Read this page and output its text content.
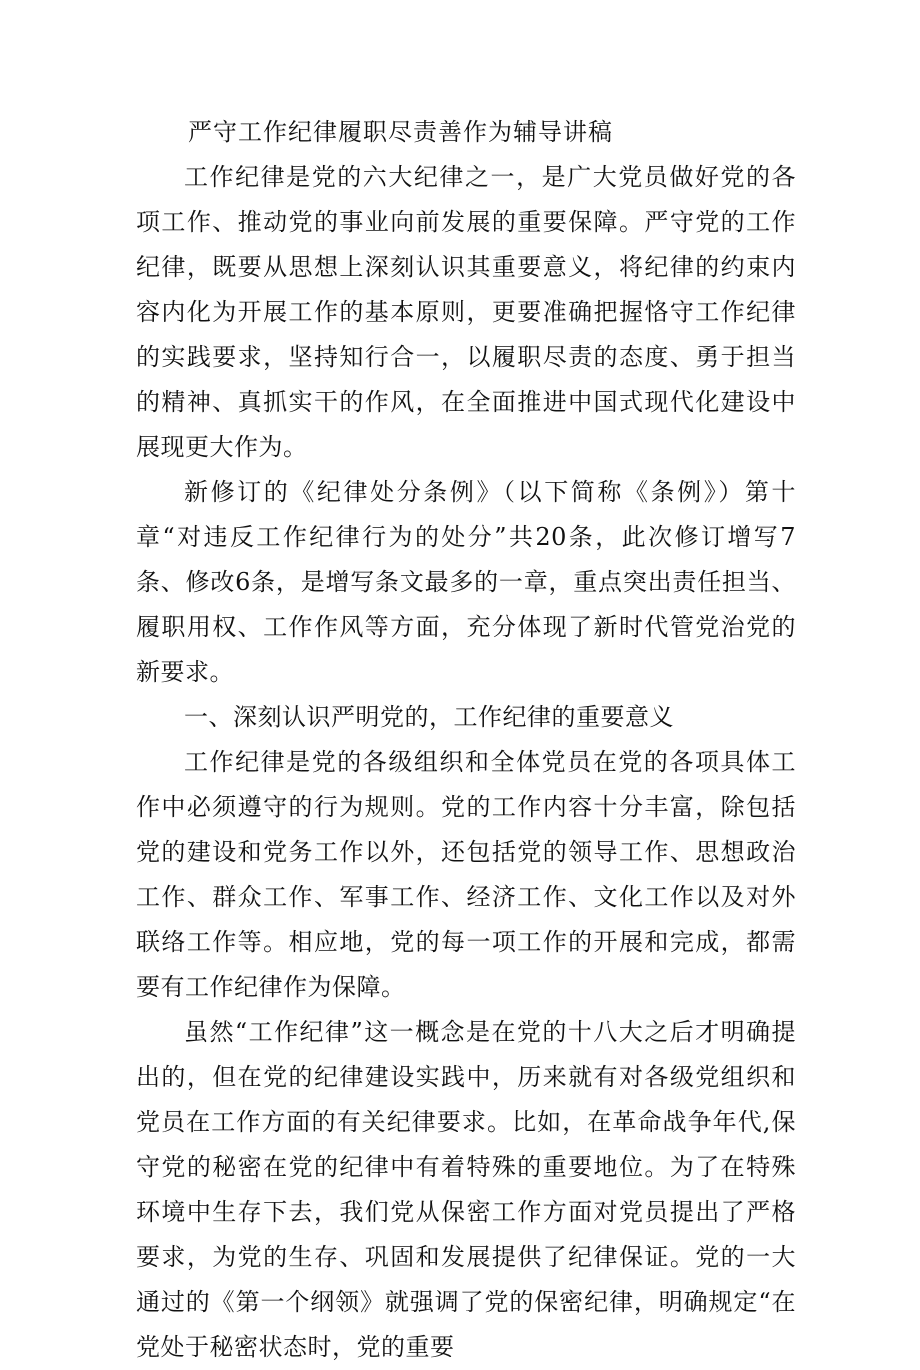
严守工作纪律履职尽责善作为辅导讲稿

工作纪律是党的六大纪律之一，是广大党员做好党的各项工作、推动党的事业向前发展的重要保障。严守党的工作纪律，既要从思想上深刻认识其重要意义，将纪律的约束内容内化为开展工作的基本原则，更要准确把握恪守工作纪律的实践要求，坚持知行合一，以履职尽责的态度、勇于担当的精神、真抓实干的作风，在全面推进中国式现代化建设中展现更大作为。

新修订的《纪律处分条例》（以下简称《条例》）第十章“对违反工作纪律行为的处分”共20条，此次修订增写7条、修改6条，是增写条文最多的一章，重点突出责任担当、履职用权、工作作风等方面，充分体现了新时代管党治党的新要求。

一、深刻认识严明党的，工作纪律的重要意义

工作纪律是党的各级组织和全体党员在党的各项具体工作中必须遵守的行为规则。党的工作内容十分丰富，除包括党的建设和党务工作以外，还包括党的领导工作、思想政治工作、群众工作、军事工作、经济工作、文化工作以及对外联络工作等。相应地，党的每一项工作的开展和完成，都需要有工作纪律作为保障。

虽然“工作纪律”这一概念是在党的十八大之后才明确提出的，但在党的纪律建设实践中，历来就有对各级党组织和党员在工作方面的有关纪律要求。比如，在革命战争年代,保守党的秘密在党的纪律中有着特殊的重要地位。为了在特殊环境中生存下去，我们党从保密工作方面对党员提出了严格要求，为党的生存、巩固和发展提供了纪律保证。党的一大通过的《第一个纲领》就强调了党的保密纪律，明确规定“在党处于秘密状态时，党的重要
